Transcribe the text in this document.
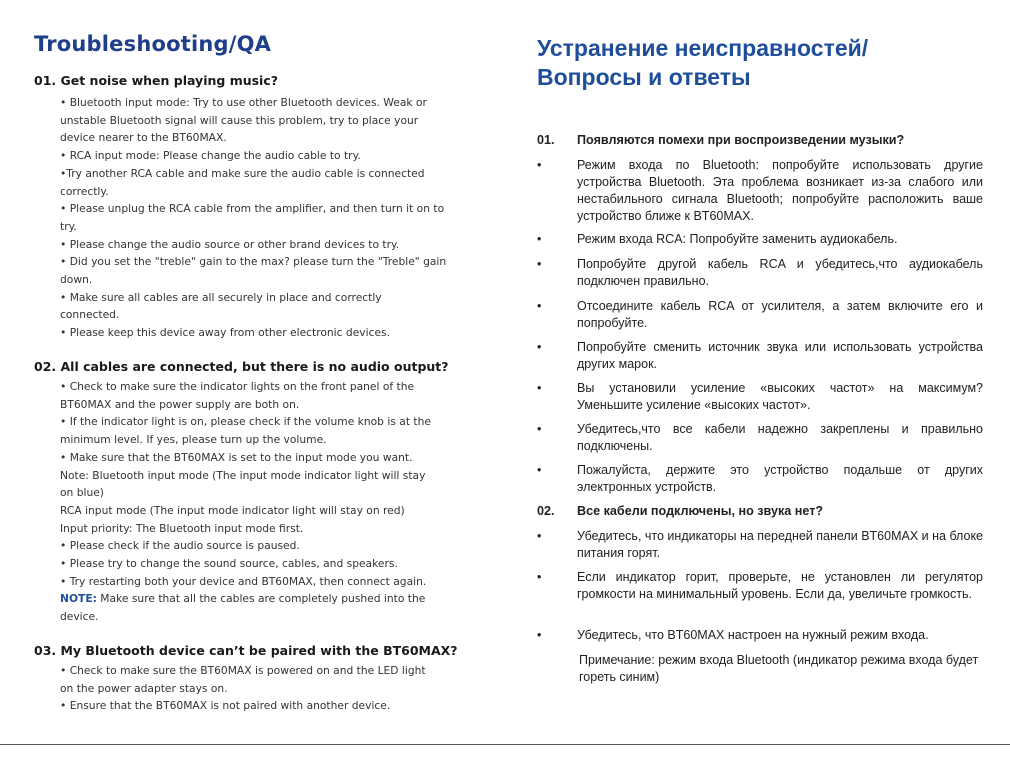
Troubleshooting/QA
01. Get noise when playing music?
• Bluetooth input mode: Try to use other Bluetooth devices. Weak or
unstable Bluetooth signal will cause this problem, try to place your
device nearer to the BT60MAX.
• RCA input mode: Please change the audio cable to try.
•Try another RCA cable and make sure the audio cable is connected
correctly.
• Please unplug the RCA cable from the amplifier, and then turn it on to
try.
• Please change the audio source or other brand devices to try.
• Did you set the "treble" gain to the max? please turn the "Treble" gain
down.
• Make sure all cables are all securely in place and correctly
connected.
• Please keep this device away from other electronic devices.
02. All cables are connected, but there is no audio output?
• Check to make sure the indicator lights on the front panel of the
BT60MAX and the power supply are both on.
• If the indicator light is on, please check if the volume knob is at the
minimum level. If yes, please turn up the volume.
• Make sure that the BT60MAX is set to the input mode you want.
Note: Bluetooth input mode (The input mode indicator light will stay
on blue)
RCA input mode (The input mode indicator light will stay on red)
Input priority: The Bluetooth input mode first.
• Please check if the audio source is paused.
• Please try to change the sound source, cables, and speakers.
• Try restarting both your device and BT60MAX, then connect again.
NOTE: Make sure that all the cables are completely pushed into the
device.
03. My Bluetooth device can’t be paired with the BT60MAX?
• Check to make sure the BT60MAX is powered on and the LED light
on the power adapter stays on.
• Ensure that the BT60MAX is not paired with another device.
Устранение неисправностей/Вопросы и ответы
01. Появляются помехи при воспроизведении музыки?
•	Режим входа по Bluetooth: попробуйте использовать другие устройства Bluetooth. Эта проблема возникает из-за слабого или нестабильного сигнала Bluetooth; попробуйте расположить ваше устройство ближе к BT60MAX.
•	Режим входа RCA: Попробуйте заменить аудиокабель.
•	Попробуйте другой кабель RCA и убедитесь,что аудиокабель подключен правильно.
•	Отсоедините кабель RCA от усилителя, а затем включите его и попробуйте.
•	Попробуйте сменить источник звука или использовать устройства других марок.
•	Вы установили усиление «высоких частот» на максимум? Уменьшите усиление «высоких частот».
•	Убедитесь,что все кабели надежно закреплены и правильно подключены.
•	Пожалуйста, держите это устройство подальше от других электронных устройств.
02. Все кабели подключены, но звука нет?
•	Убедитесь, что индикаторы на передней панели BT60MAX и на блоке питания горят.
•	Если индикатор горит, проверьте, не установлен ли регулятор громкости на минимальный уровень. Если да, увеличьте громкость.
•	Убедитесь, что BT60MAX настроен на нужный режим входа.
Примечание: режим входа Bluetooth (индикатор режима входа будет гореть синим)
